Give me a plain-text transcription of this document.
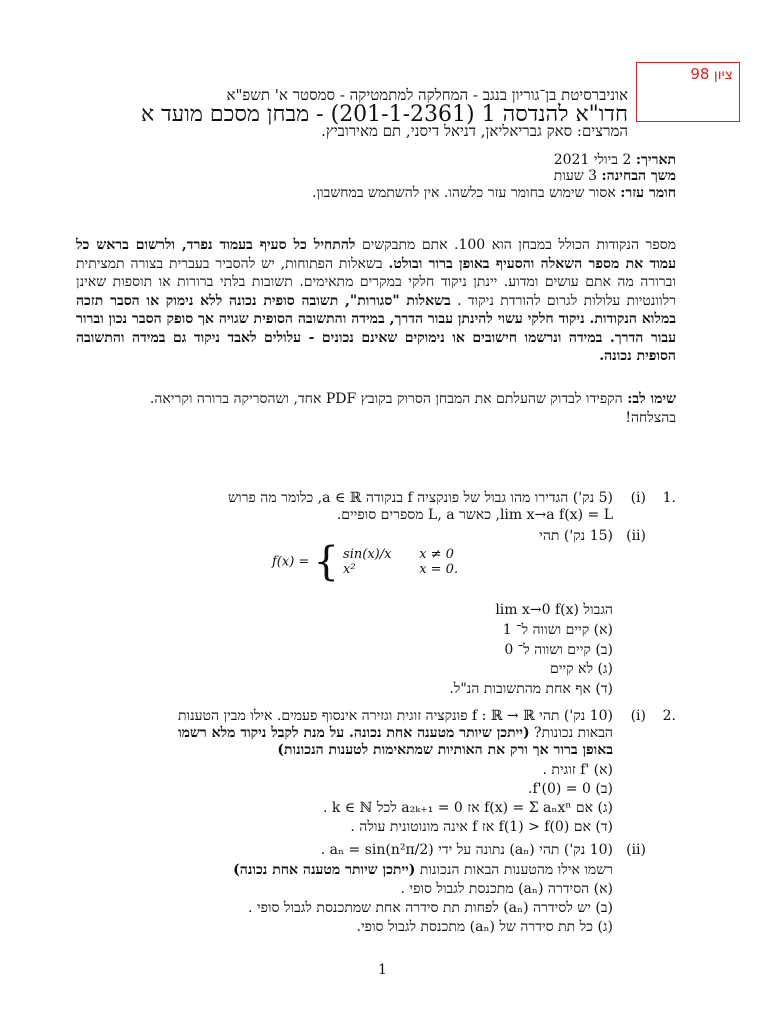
ציון 98
אוניברסיטת בן־גוריון בנגב - המחלקה למתמטיקה - סמסטר א' תשפ"א
חדו"א להנדסה 1 (201-1-2361) - מבחן מסכם מועד א
המרצים: סאק גבריאליאן, דניאל דיסני, תם מאירוביץ.
תאריך: 2 ביולי 2021
משך הבחינה: 3 שעות
חומר עזר: אסור שימוש בחומר עזר כלשהו. אין להשתמש במחשבון.
מספר הנקודות הכולל במבחן הוא 100. אתם מתבקשים להתחיל כל סעיף בעמוד נפרד, ולרשום בראש כל עמוד את מספר השאלה והסעיף באופן ברור ובולט. בשאלות הפתוחות, יש להסביר בעברית בצורה תמציתית וברורה מה אתם עושים ומדוע. יינתן ניקוד חלקי במקרים מתאימים. תשובות בלתי ברורות או תוספות שאינן רלוונטיות עלולות לגרום להורדת ניקוד . בשאלות "סגורות", תשובה סופית נכונה ללא נימוק או הסבר תזכה במלוא הנקודות. ניקוד חלקי עשוי להינתן עבור הדרך, במידה והתשובה הסופית שגויה אך סופק הסבר נכון וברור עבור הדרך. במידה ונרשמו חישובים או נימוקים שאינם נכונים - עלולים לאבד ניקוד גם במידה והתשובה הסופית נכונה.
שימו לב: הקפידו לבדוק שהעלתם את המבחן הסרוק בקובץ PDF אחד, ושהסריקה ברורה וקריאה.
בהצלחה!
.1
(i)
(5 נק') הגדירו מהו גבול של פונקציה f בנקודה a ∈ ℝ, כלומר מה פרוש
lim x→a f(x) = L, כאשר L, a מספרים סופיים.
(ii)
(15 נק') תהי
f(x) = { sin(x)/x x ≠ 0
x²	x = 0.
הגבול lim x→0 f(x)
(א) קיים ושווה ל־ 1
(ב) קיים ושווה ל־ 0
(ג) לא קיים
(ד) אף אחת מהתשובות הנ"ל.
.2
(i)
(10 נק') תהי f : ℝ → ℝ פונקציה זוגית וגזירה אינסוף פעמים. אילו מבין הטענות
הבאות נכונות? (ייתכן שיותר מטענה אחת נכונה. על מנת לקבל ניקוד מלא רשמו
באופן ברור אך ורק את האותיות שמתאימות לטענות הנכונות)
(א) 'f זוגית .
(ב) f'(0) = 0.
(ג) אם f(x) = Σ aₙxⁿ אז a₂ₖ₊₁ = 0 לכל k ∈ ℕ .
(ד) אם f(1) > f(0) אז f אינה מונוטונית עולה .
(ii)
(10 נק') תהי (aₙ) נתונה על ידי aₙ = sin(n²π/2) .
רשמו אילו מהטענות הבאות הנכונות (ייתכן שיותר מטענה אחת נכונה)
(א) הסידרה (aₙ) מתכנסת לגבול סופי .
(ב) יש לסידרה (aₙ) לפחות תת סידרה אחת שמתכנסת לגבול סופי .
(ג) כל תת סידרה של (aₙ) מתכנסת לגבול סופי.
1
